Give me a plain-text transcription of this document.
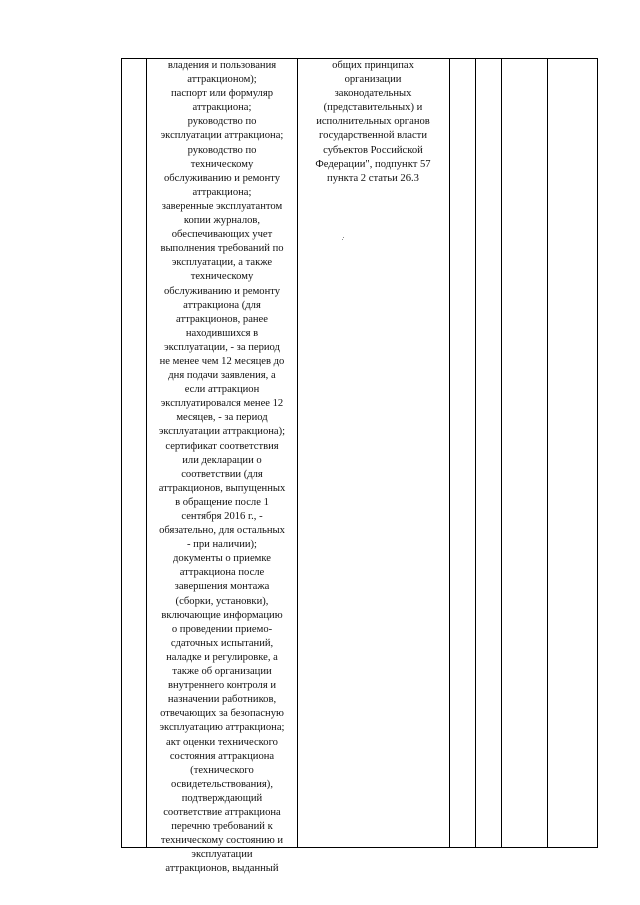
владения и пользования
аттракционом);
паспорт или формуляр
аттракциона;
руководство по
эксплуатации аттракциона;
руководство по
техническому
обслуживанию и ремонту
аттракциона;
заверенные эксплуатантом
копии журналов,
обеспечивающих учет
выполнения требований по
эксплуатации, а также
техническому
обслуживанию и ремонту
аттракциона (для
аттракционов, ранее
находившихся в
эксплуатации, - за период
не менее чем 12 месяцев до
дня подачи заявления, а
если аттракцион
эксплуатировался менее 12
месяцев, - за период
эксплуатации аттракциона);
сертификат соответствия
или декларации о
соответствии (для
аттракционов, выпущенных
в обращение после 1
сентября 2016 г., -
обязательно, для остальных
- при наличии);
документы о приемке
аттракциона после
завершения монтажа
(сборки, установки),
включающие информацию
о проведении приемо-
сдаточных испытаний,
наладке и регулировке, а
также об организации
внутреннего контроля и
назначении работников,
отвечающих за безопасную
эксплуатацию аттракциона;
акт оценки технического
состояния аттракциона
(технического
освидетельствования),
подтверждающий
соответствие аттракциона
перечню требований к
техническому состоянию и
эксплуатации
аттракционов, выданный
общих принципах
организации
законодательных
(представительных) и
исполнительных органов
государственной власти
субъектов Российской
Федерации", подпункт 57
пункта 2 статьи 26.3
